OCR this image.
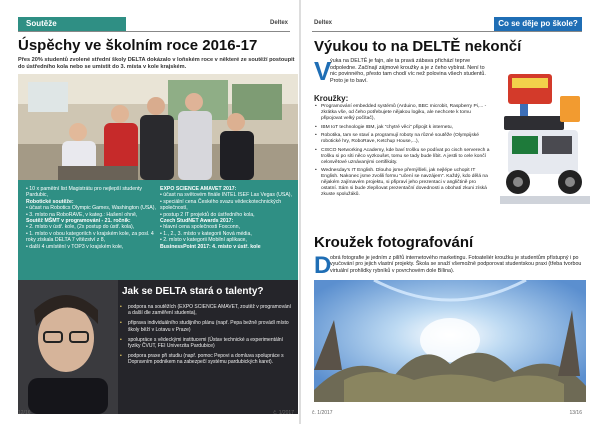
Soutěže	Deltex
Úspěchy ve školním roce 2016-17
Přes 20% studentů zvolené střední školy DELTA dokázalo v loňském roce v některé ze soutěží postoupit do ústředního kola nebo se umístit do 3. místa v kole krajském.
• 10 x pamětní list Magistrátu pro nejlepší studenty Pardubic,
Robotické soutěže:
• účast na Robotics Olympic Games, Washington (USA),
• 3. místo na RoboRAVE, v kateg.: Hašení ohně,
Soutěž MŠMT v programování - 21. ročník:
• 2. místo v ústř. kole, (2x postup do ústř. kola),
• 1. místo v obou kategoriích v krajském kole, za posl. 4 roky získala DELTA 7 vítězství z 8,
• další 4 umístění v TOP3 v krajském kole,
EXPO SCIENCE AMAVET 2017:
• účast na světovém finále INTEL ISEF Las Vegas (USA),
• speciální cena Českého svazu vědeckotechnických společností,
• postup 2 IT projektů do ústředního kola,
Czech StudNET Awards 2017:
• hlavní cena společnosti Foxconn,
• 1., 2., 3. místo v kategorii Nová média,
• 2. místo v kategorii Mobilní aplikace,
BusinessPoint 2017: 4. místo v ústř. kole
Jak se DELTA stará o talenty?
• podpora na soutěžích (EXPO SCIENCE AMAVET, zoutěž v programování a další dle zaměření studenta),
• připrava individuálního studijního plánu (např. Pepa bežně provádí místo školy běží v Lotavu v Praze)
• spolupráce s vědeckými institucemi (Ústav technické a experimentální fyziky ČVUT, FEI Univerzita Pardubice)
• podpora praxe při studiu (např. pomoc Pepovi a domluva spolupráce s Dopravním podnikem na zabezpečí systému pardubických karet).
12/16	č. 1/2017
Deltex	Co se děje po škole?
Výukou to na DELTĚ nekončí
V
ýuka na DELTĚ je fajn, ale ta pravá zábava přichází teprve odpoledne. Začínají zájmové kroužky a je z čeho vybírat. Není to nic povinného, přesto tam chodí víc než polovina všech studentů. Proto je to baví.
Kroužky:
• Programování embedded systémů (Arduino, BBC microbit, Raspberry Pi,... - zkrátka vše, od čeho potřebujete nějakou logiku, ale nechcete k tomu připojovat velký počítač),
• IBM IoT technologie IBM, jak "chytré věci" připojit k internetu,
• Robotika, tam se staví a programují roboty na různé soutěže (Olympijské robotické hry, RoboRave, Ketchup House,...),
• CISCO Networking Academy, kde baví trošku se podívat po cisch serverech a trošku si po síti něco vyzkoušet, tomu se tady bude líbit. A jestli to cele končí celosvětové uznávanými certifikáty.
• Wednesday's IT English. Dlouho jsme přemýšleli, jak nejlépe uchopit IT English. Nakonec jsme zvolili formu "učení se navzájem". Každý, kdo dělá na nějakém zajímavém projektu, si připraví jeho prezentaci v angličtině pro ostatní. Sám si bude zlepšovat prezentační dovednosti a obohatí zkuni získá zkuste spolužáků.
Kroužek fotografování
D
obrá fotografie je jedním z pilířů internetového marketingu. Fotoateliér kroužku je studentům přístupný i po vyučování pro jejich vlastní projekty. Škola se snaží všemožně podporovat studentskou praxi (třeba tvorbou virtuální prohlídky rybníků v povrchovém dole Bílina).
č. 1/2017	13/16
